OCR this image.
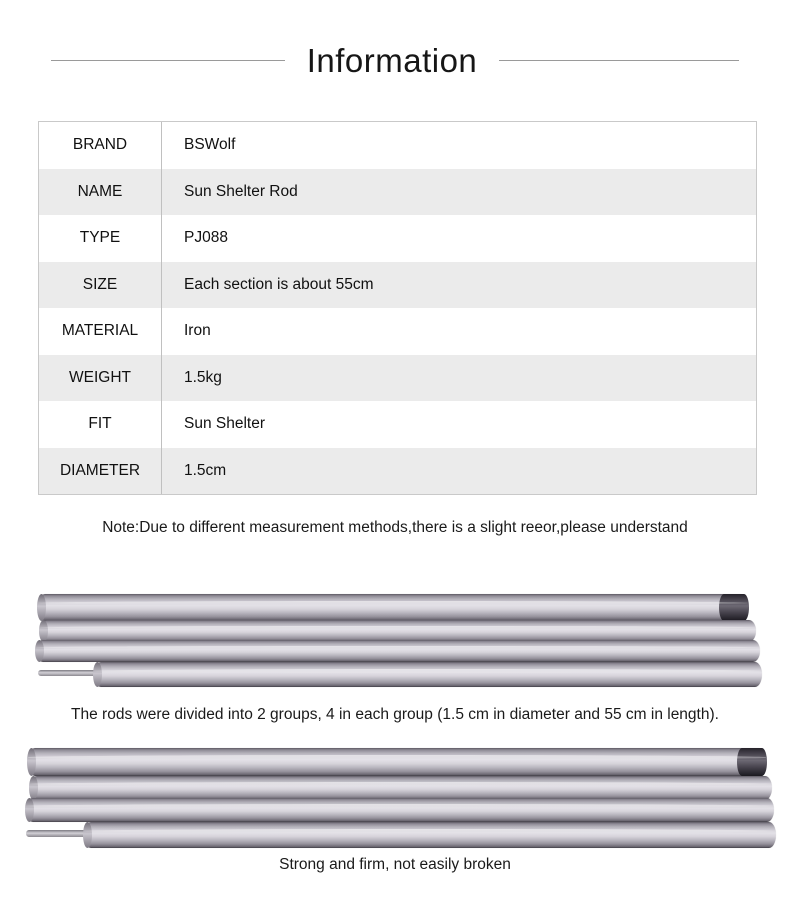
Information
BRAND	BSWolf
NAME	Sun Shelter Rod
TYPE	PJ088
SIZE	Each section is about 55cm
MATERIAL	Iron
WEIGHT	1.5kg
FIT	Sun Shelter
DIAMETER	1.5cm
Note:Due to different measurement methods,there is a slight reeor,please understand
The rods were divided into 2 groups, 4 in each group (1.5 cm in diameter and 55 cm in length).
Strong and firm, not easily broken
